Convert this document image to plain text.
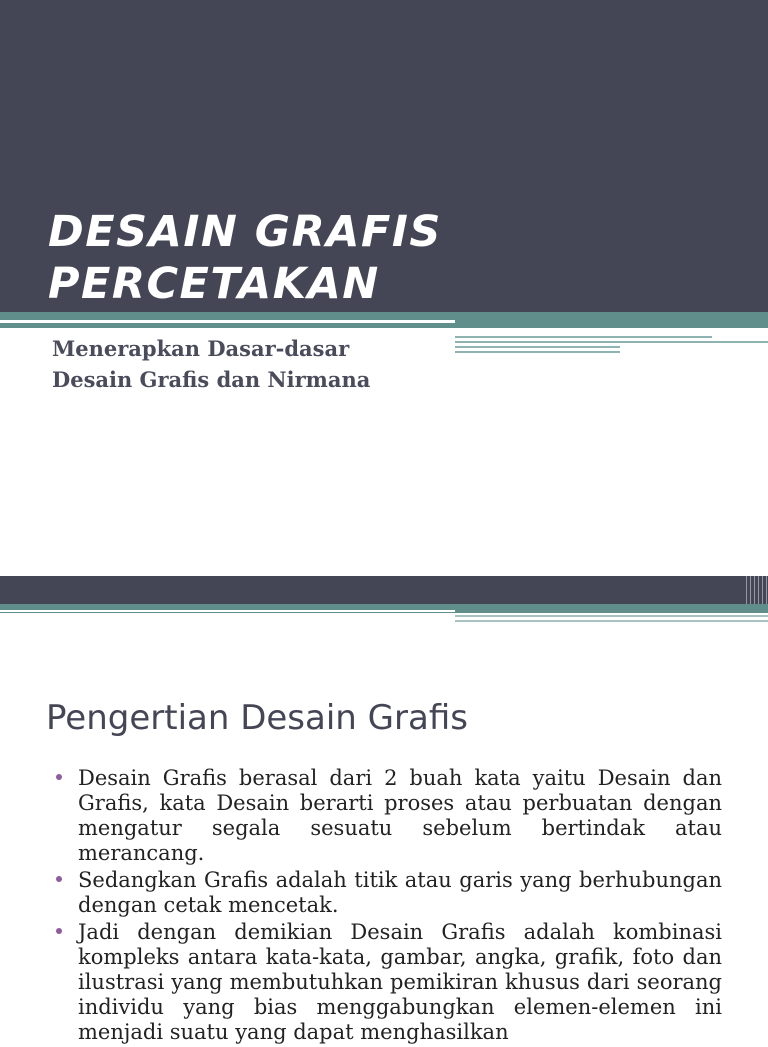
DESAIN GRAFIS
PERCETAKAN

Menerapkan Dasar-dasar
Desain Grafis dan Nirmana

Pengertian Desain Grafis
Desain Grafis berasal dari 2 buah kata yaitu Desain dan Grafis, kata Desain berarti proses atau perbuatan dengan mengatur segala sesuatu sebelum bertindak atau merancang.
Sedangkan Grafis adalah titik atau garis yang berhubungan dengan cetak mencetak.
Jadi dengan demikian Desain Grafis adalah kombinasi kompleks antara kata-kata, gambar, angka, grafik, foto dan ilustrasi yang membutuhkan pemikiran khusus dari seorang individu yang bias menggabungkan elemen-elemen ini menjadi suatu yang dapat menghasilkan
